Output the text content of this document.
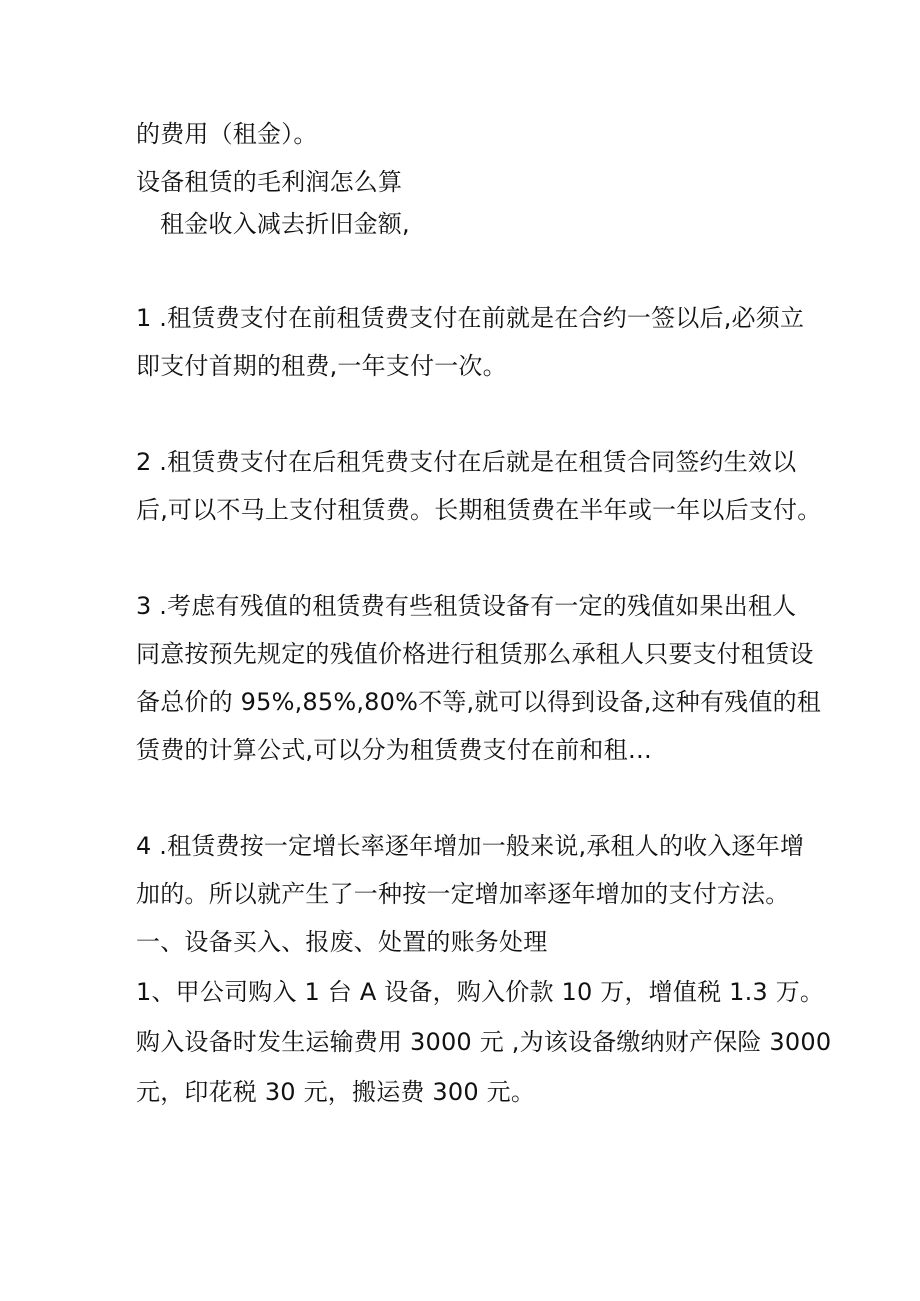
的费用（租金）。
设备租赁的毛利润怎么算
租金收入减去折旧金额,
1 .租赁费支付在前租赁费支付在前就是在合约一签以后,必须立
即支付首期的租费,一年支付一次。
2 .租赁费支付在后租凭费支付在后就是在租赁合同签约生效以
后,可以不马上支付租赁费。长期租赁费在半年或一年以后支付。
3 .考虑有残值的租赁费有些租赁设备有一定的残值如果出租人
同意按预先规定的残值价格进行租赁那么承租人只要支付租赁设
备总价的 95%,85%,80%不等,就可以得到设备,这种有残值的租
赁费的计算公式,可以分为租赁费支付在前和租…
4 .租赁费按一定增长率逐年增加一般来说,承租人的收入逐年增
加的。所以就产生了一种按一定增加率逐年增加的支付方法。
一、设备买入、报废、处置的账务处理
1、甲公司购入 1 台 A 设备，购入价款 10 万，增值税 1.3 万。
购入设备时发生运输费用 3000 元 ,为该设备缴纳财产保险 3000
元，印花税 30 元，搬运费 300 元。
